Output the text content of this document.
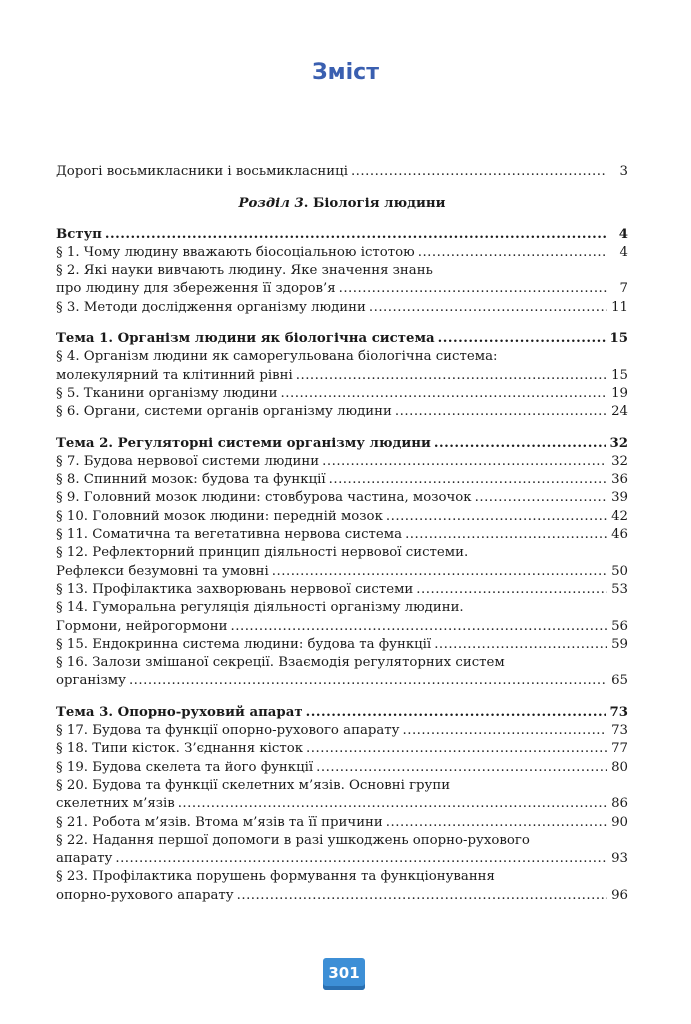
Зміст
Дорогі восьмикласники і восьмикласниці .....	3
Розділ 3. Біологія людини
Вступ .....	4
§ 1. Чому людину вважають біосоціальною істотою .....	4
§ 2. Які науки вивчають людину. Яке значення знань
про людину для збереження її здоров’я .....	7
§ 3. Методи дослідження організму людини .....	11
Тема 1. Організм людини як біологічна система .....	15
§ 4. Організм людини як саморегульована біологічна система:
молекулярний та клітинний рівні .....	15
§ 5. Тканини організму людини .....	19
§ 6. Органи, системи органів організму людини .....	24
Тема 2. Регуляторні системи організму людини .....	32
§ 7. Будова нервової системи людини .....	32
§ 8. Спинний мозок: будова та функції .....	36
§ 9. Головний мозок людини: стовбурова частина, мозочок .....	39
§ 10. Головний мозок людини: передній мозок .....	42
§ 11. Соматична та вегетативна нервова система .....	46
§ 12. Рефлекторний принцип діяльності нервової системи.
Рефлекси безумовні та умовні .....	50
§ 13. Профілактика захворювань нервової системи .....	53
§ 14. Гуморальна регуляція діяльності організму людини.
Гормони, нейрогормони .....	56
§ 15. Ендокринна система людини: будова та функції .....	59
§ 16. Залози змішаної секреції. Взаємодія регуляторних систем
організму .....	65
Тема 3. Опорно-руховий апарат .....	73
§ 17. Будова та функції опорно-рухового апарату .....	73
§ 18. Типи кісток. З’єднання кісток .....	77
§ 19. Будова скелета та його функції .....	80
§ 20. Будова та функції скелетних м’язів. Основні групи
скелетних м’язів .....	86
§ 21. Робота м’язів. Втома м’язів та її причини .....	90
§ 22. Надання першої допомоги в разі ушкоджень опорно-рухового
апарату .....	93
§ 23. Профілактика порушень формування та функціонування
опорно-рухового апарату .....	96
301
